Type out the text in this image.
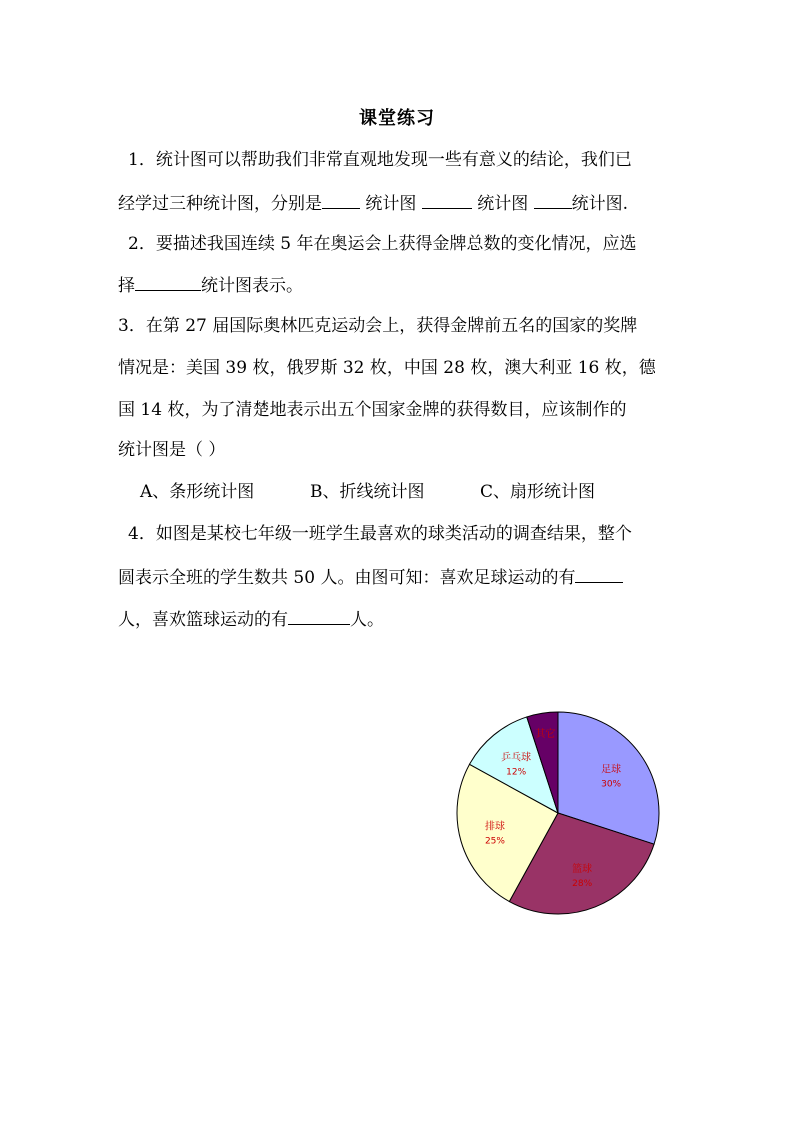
课堂练习
1．统计图可以帮助我们非常直观地发现一些有意义的结论，我们已
经学过三种统计图，分别是 统计图	统计图 统计图.
2．要描述我国连续 5 年在奥运会上获得金牌总数的变化情况，应选
择	统计图表示。
3．在第 27 届国际奥林匹克运动会上，获得金牌前五名的国家的奖牌
情况是：美国 39 枚，俄罗斯 32 枚，中国 28 枚，澳大利亚 16 枚，德
国 14 枚，为了清楚地表示出五个国家金牌的获得数目，应该制作的
统计图是（ ）
A、条形统计图	B、折线统计图	C、扇形统计图
4．如图是某校七年级一班学生最喜欢的球类活动的调查结果，整个
圆表示全班的学生数共 50 人。由图可知：喜欢足球运动的有
人，喜欢篮球运动的有	人。
足球
30%
篮球
28%
排球
25%
乒乓球
12%
其它
